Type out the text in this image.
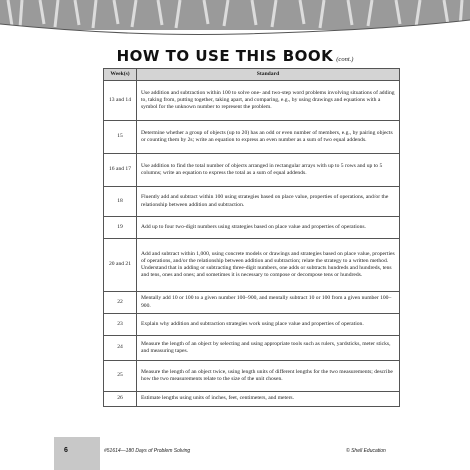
HOW TO USE THIS BOOK (cont.)
Week(s)	Standard
13 and 14	Use addition and subtraction within 100 to solve one- and two-step word problems involving situations of adding to, taking from, putting together, taking apart, and comparing, e.g., by using drawings and equations with a symbol for the unknown number to represent the problem.
15	Determine whether a group of objects (up to 20) has an odd or even number of members, e.g., by pairing objects or counting them by 2s; write an equation to express an even number as a sum of two equal addends.
16 and 17	Use addition to find the total number of objects arranged in rectangular arrays with up to 5 rows and up to 5 columns; write an equation to express the total as a sum of equal addends.
18	Fluently add and subtract within 100 using strategies based on place value, properties of operations, and/or the relationship between addition and subtraction.
19	Add up to four two-digit numbers using strategies based on place value and properties of operations.
20 and 21	Add and subtract within 1,000, using concrete models or drawings and strategies based on place value, properties of operations, and/or the relationship between addition and subtraction; relate the strategy to a written method. Understand that in adding or subtracting three-digit numbers, one adds or subtracts hundreds and hundreds, tens and tens, ones and ones; and sometimes it is necessary to compose or decompose tens or hundreds.
22	Mentally add 10 or 100 to a given number 100–900, and mentally subtract 10 or 100 from a given number 100–900.
23	Explain why addition and subtraction strategies work using place value and properties of operation.
24	Measure the length of an object by selecting and using appropriate tools such as rulers, yardsticks, meter sticks, and measuring tapes.
25	Measure the length of an object twice, using length units of different lengths for the two measurements; describe how the two measurements relate to the size of the unit chosen.
26	Estimate lengths using units of inches, feet, centimeters, and meters.
6	#51614—180 Days of Problem Solving	© Shell Education
